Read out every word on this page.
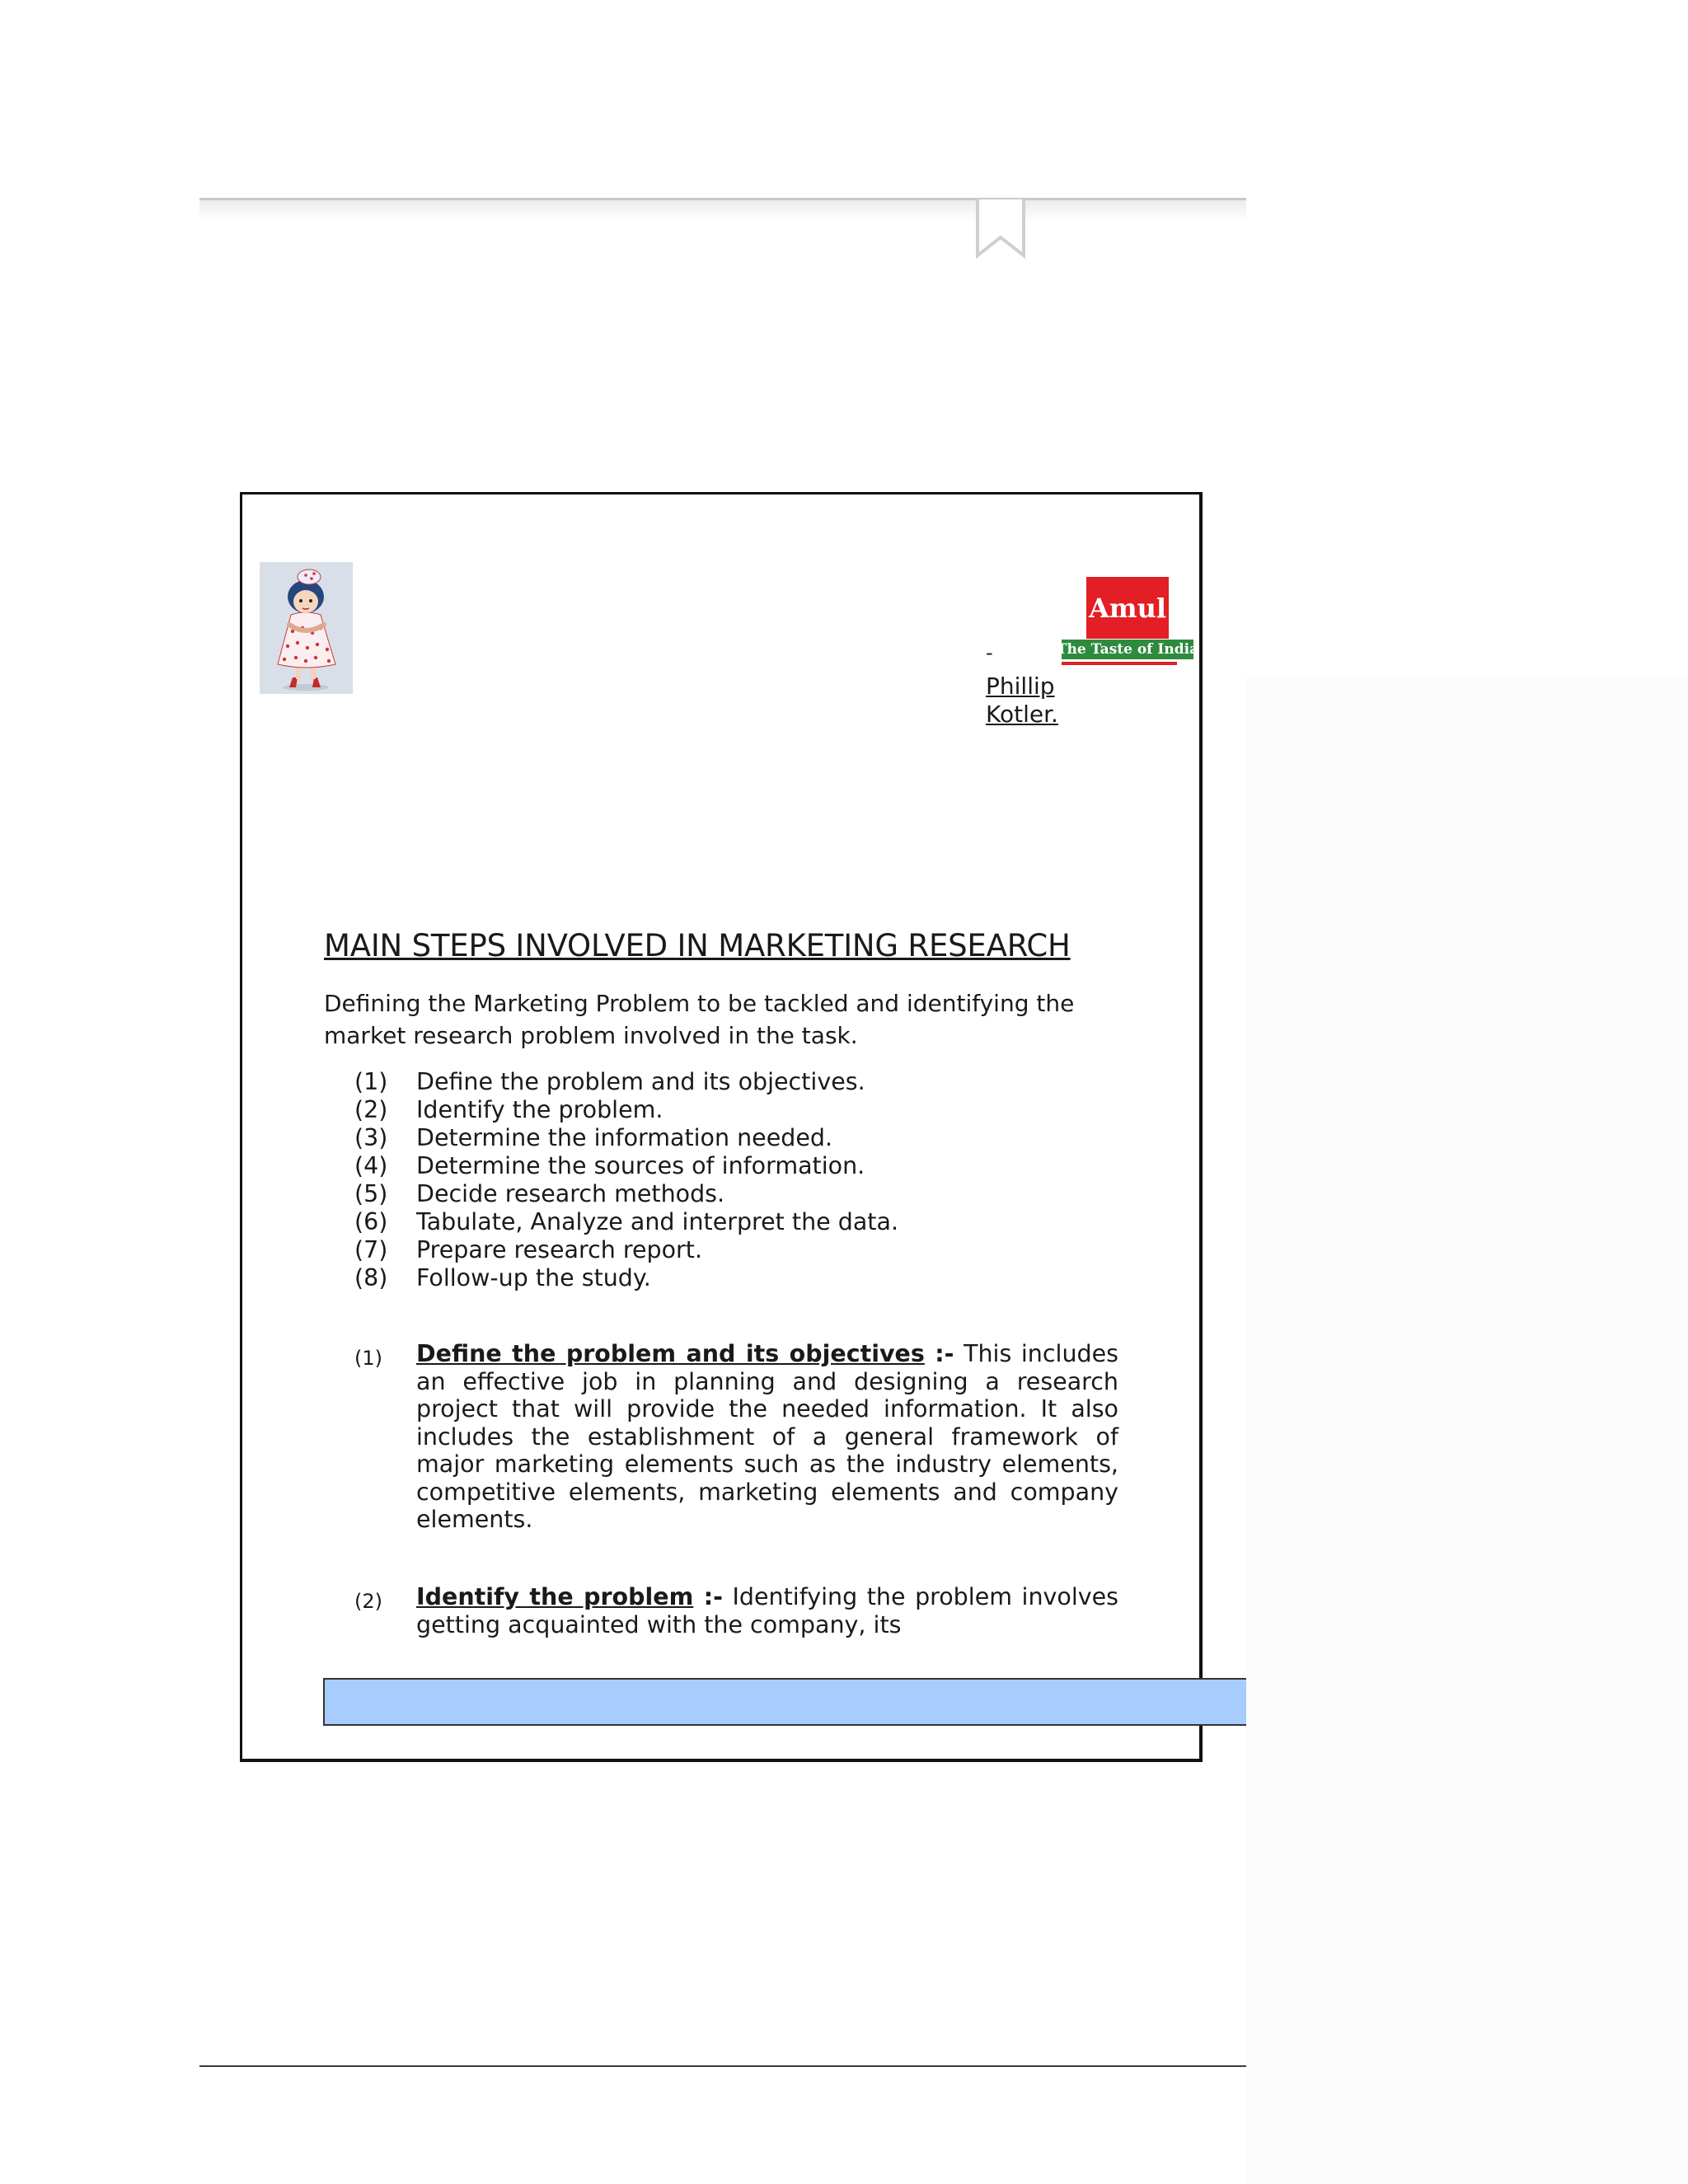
Amul
The Taste of India
-
Phillip
Kotler.
MAIN STEPS INVOLVED IN MARKETING RESEARCH
Defining the Marketing Problem to be tackled and identifying the market research problem involved in the task.
(1) Define the problem and its objectives.
(2) Identify the problem.
(3) Determine the information needed.
(4) Determine the sources of information.
(5) Decide research methods.
(6) Tabulate, Analyze and interpret the data.
(7) Prepare research report.
(8) Follow-up the study.
(1) Define the problem and its objectives :- This includes an effective job in planning and designing a research project that will provide the needed information. It also includes the establishment of a general framework of major marketing elements such as the industry elements, competitive elements, marketing elements and company elements.
(2) Identify the problem :- Identifying the problem involves getting acquainted with the company, its
